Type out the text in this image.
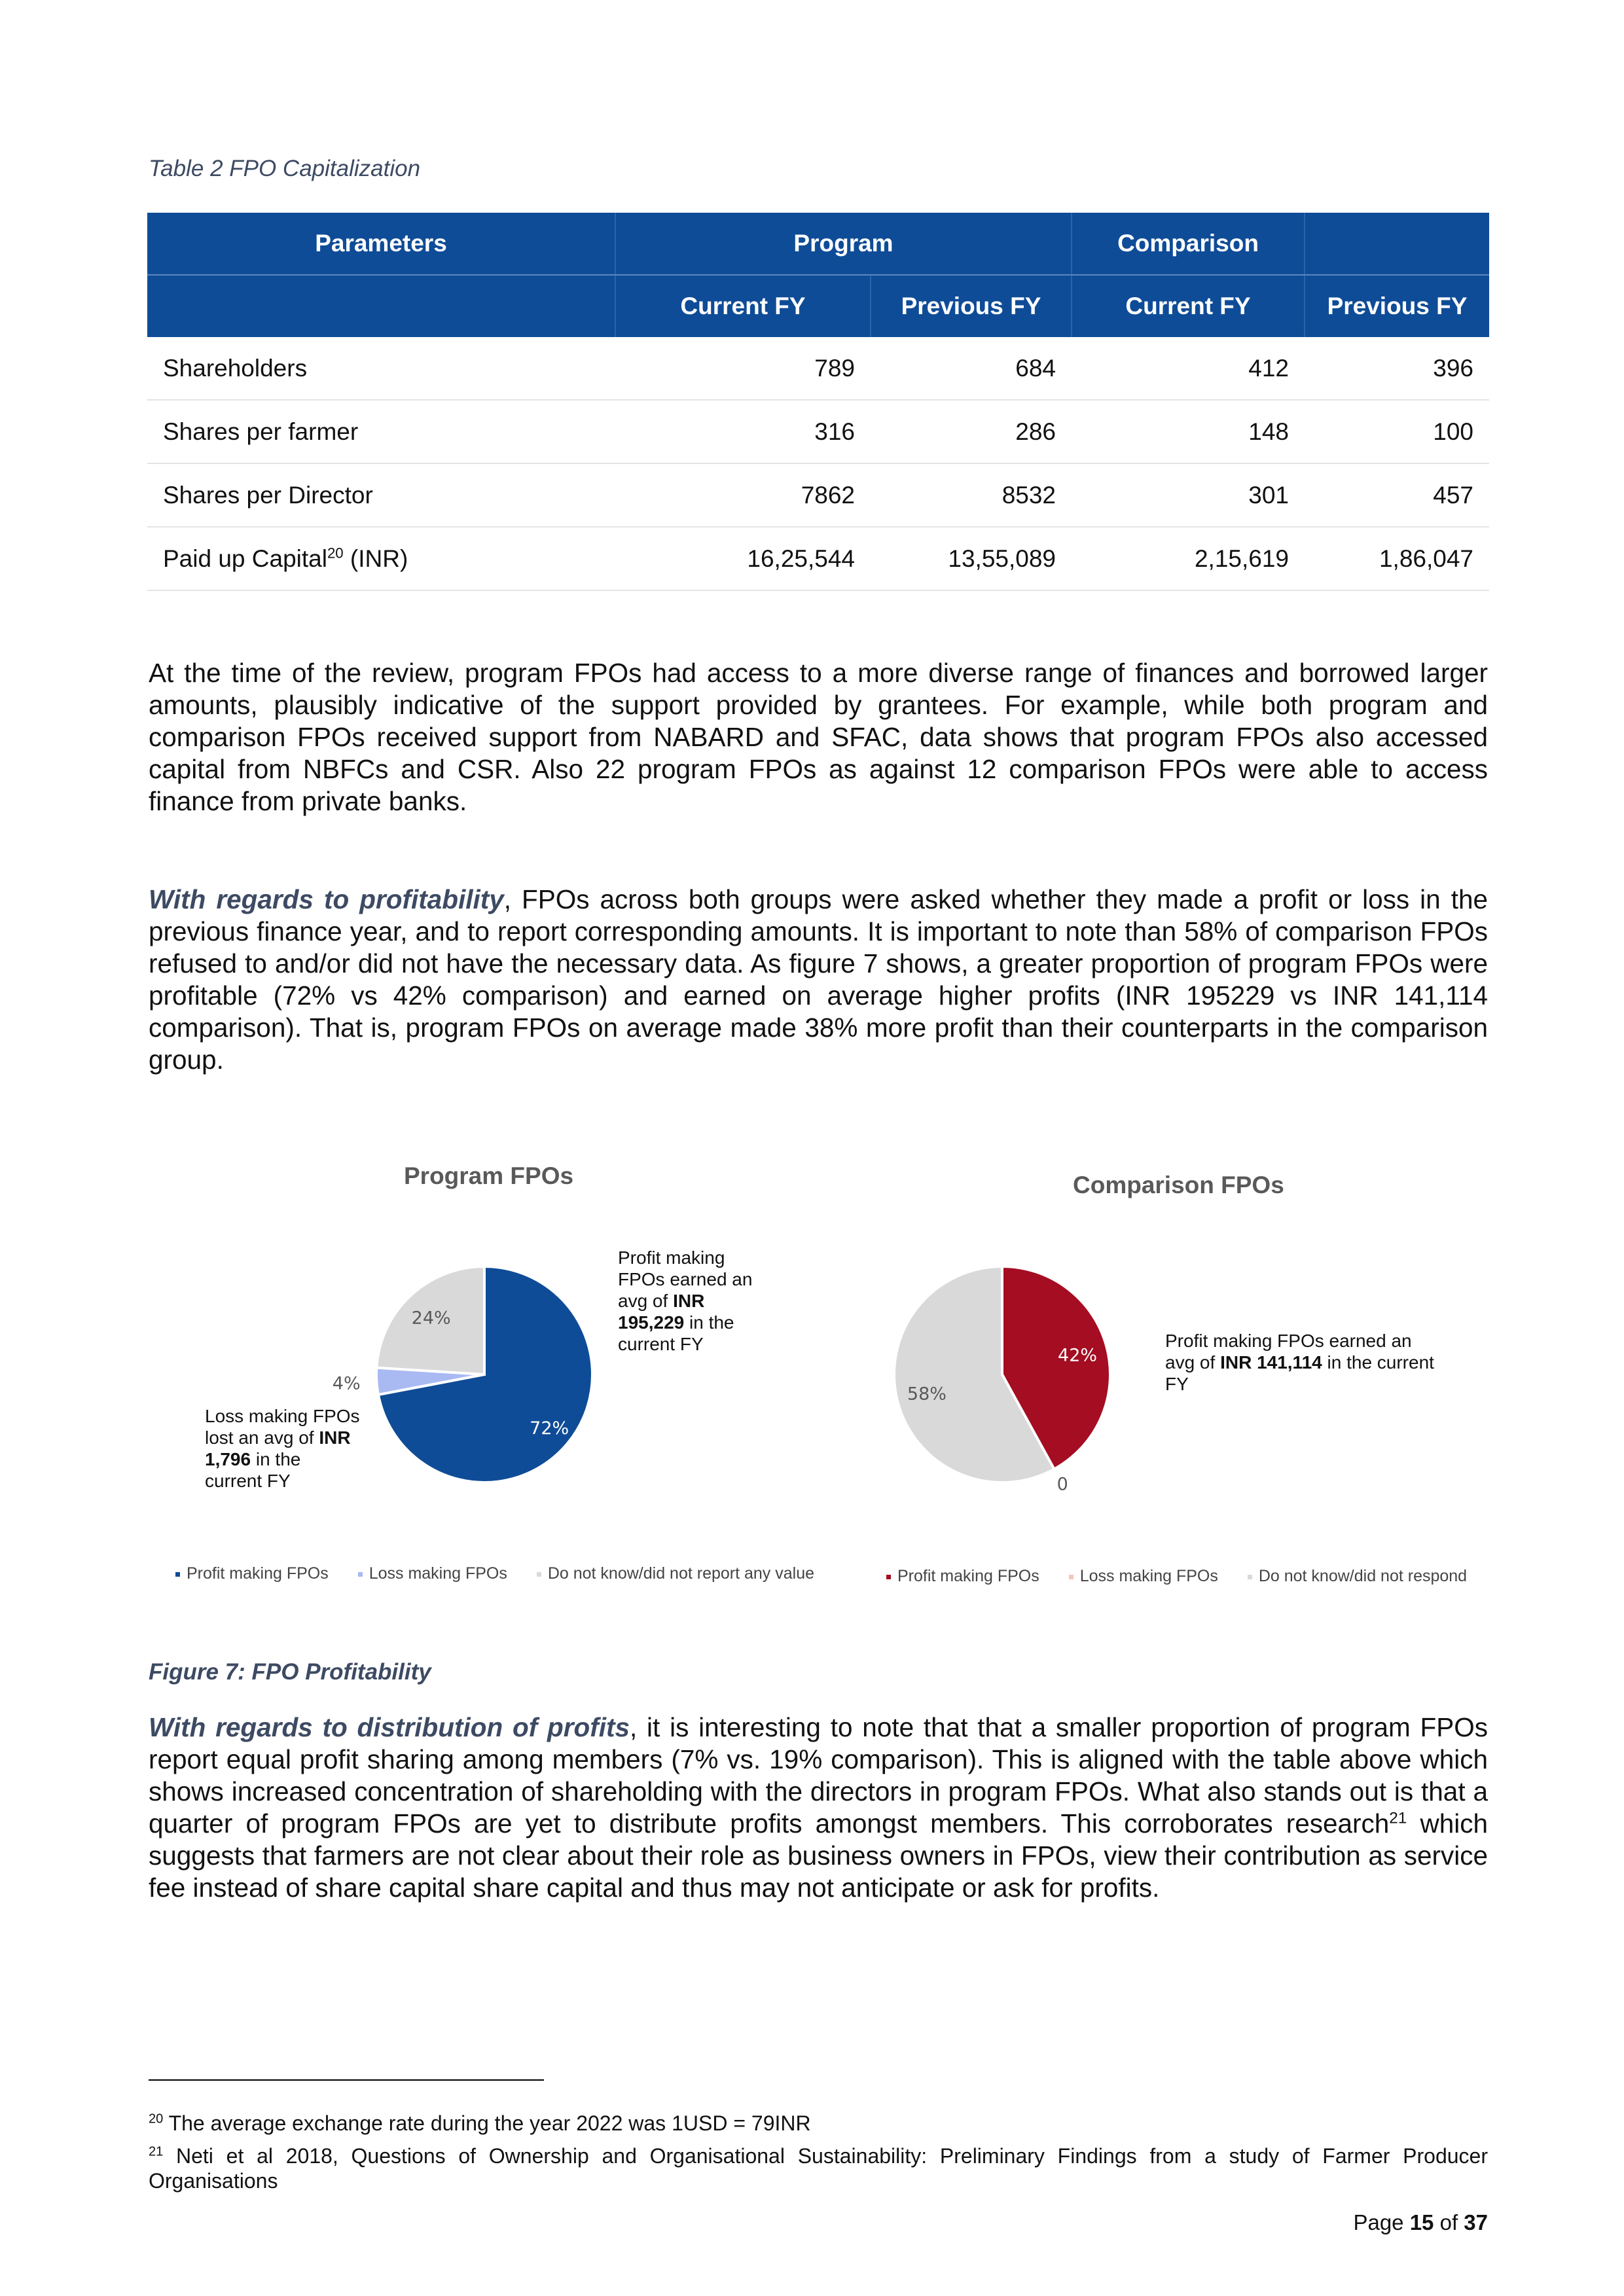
Table 2 FPO Capitalization
Parameters	Program		Comparison	
	Current FY	Previous FY	Current FY	Previous FY
Shareholders	789	684	412	396
Shares per farmer	316	286	148	100
Shares per Director	7862	8532	301	457
Paid up Capital$^{20}$ (INR)	16,25,544	13,55,089	2,15,619	1,86,047
At the time of the review, program FPOs had access to a more diverse range of finances and borrowed larger amounts, plausibly indicative of the support provided by grantees. For example, while both program and comparison FPOs received support from NABARD and SFAC, data shows that program FPOs also accessed capital from NBFCs and CSR. Also 22 program FPOs as against 12 comparison FPOs were able to access finance from private banks.
With regards to profitability, FPOs across both groups were asked whether they made a profit or loss in the previous finance year, and to report corresponding amounts. It is important to note than 58% of comparison FPOs refused to and/or did not have the necessary data. As figure 7 shows, a greater proportion of program FPOs were profitable (72% vs 42% comparison) and earned on average higher profits (INR 195229 vs INR 141,114 comparison). That is, program FPOs on average made 38% more profit than their counterparts in the comparison group.
Program FPOs
72%
4%
24%
Profit making FPOs earned an avg of INR 195,229 in the current FY
Loss making FPOs lost an avg of INR 1,796 in the current FY
Profit making FPOs Loss making FPOs Do not know/did not report any value
Comparison FPOs
42%
0
58%
Profit making FPOs earned an avg of INR 141,114 in the current FY
Profit making FPOs Loss making FPOs Do not know/did not respond
Figure 7: FPO Profitability
With regards to distribution of profits, it is interesting to note that that a smaller proportion of program FPOs report equal profit sharing among members (7% vs. 19% comparison). This is aligned with the table above which shows increased concentration of shareholding with the directors in program FPOs. What also stands out is that a quarter of program FPOs are yet to distribute profits amongst members. This corroborates research$^{21}$ which suggests that farmers are not clear about their role as business owners in FPOs, view their contribution as service fee instead of share capital share capital and thus may not anticipate or ask for profits.
$^{20}$ The average exchange rate during the year 2022 was 1USD = 79INR
$^{21}$ Neti et al 2018, Questions of Ownership and Organisational Sustainability: Preliminary Findings from a study of Farmer Producer Organisations
Page 15 of 37
